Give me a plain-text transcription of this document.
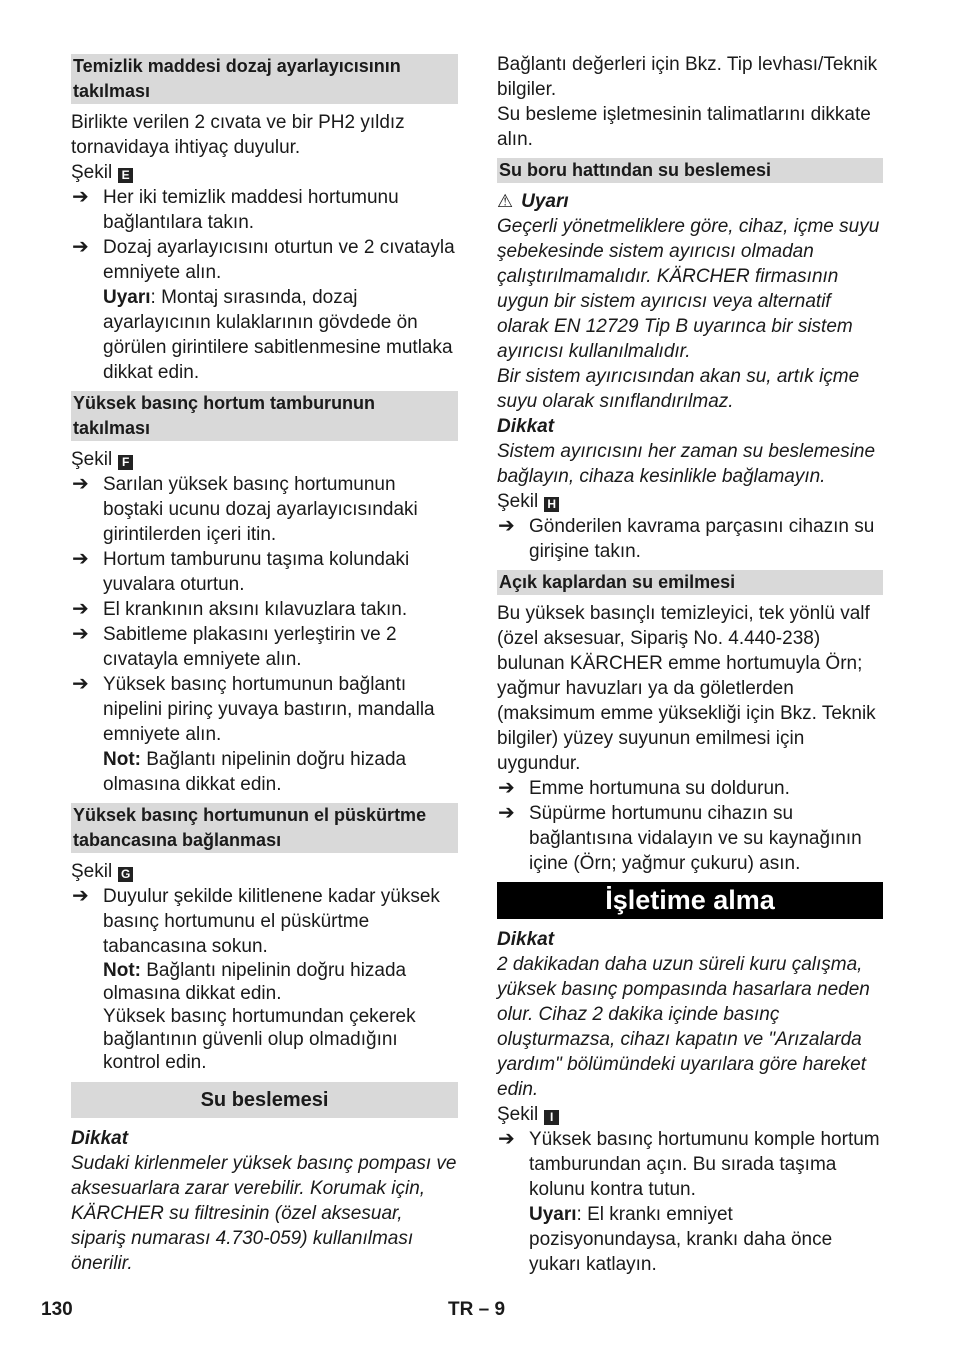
Temizlik maddesi dozaj ayarlayıcısının takılması

Birlikte verilen 2 cıvata ve bir PH2 yıldız tornavidaya ihtiyaç duyulur.

Şekil E

➔ Her iki temizlik maddesi hortumunu bağlantılara takın.
➔ Dozaj ayarlayıcısını oturtun ve 2 cıvatayla emniyete alın.
Uyarı: Montaj sırasında, dozaj ayarlayıcının kulaklarının gövdede ön görülen girintilere sabitlenmesine mutlaka dikkat edin.
Yüksek basınç hortum tamburunun takılması

Şekil F

➔ Sarılan yüksek basınç hortumunun boştaki ucunu dozaj ayarlayıcısındaki girintilerden içeri itin.
➔ Hortum tamburunu taşıma kolundaki yuvalara oturtun.
➔ El krankının aksını kılavuzlara takın.
➔ Sabitleme plakasını yerleştirin ve 2 cıvatayla emniyete alın.
➔ Yüksek basınç hortumunun bağlantı nipelini pirinç yuvaya bastırın, mandalla emniyete alın.
Not: Bağlantı nipelinin doğru hizada olmasına dikkat edin.
Yüksek basınç hortumunun el püskürtme tabancasına bağlanması

Şekil G

➔ Duyulur şekilde kilitlenene kadar yüksek basınç hortumunu el püskürtme tabancasına sokun.
Not: Bağlantı nipelinin doğru hizada olmasına dikkat edin.
Yüksek basınç hortumundan çekerek bağlantının güvenli olup olmadığını kontrol edin.
Su beslemesi

Dikkat

Sudaki kirlenmeler yüksek basınç pompası ve aksesuarlara zarar verebilir. Korumak için, KÄRCHER su filtresinin (özel aksesuar, sipariş numarası 4.730-059) kullanılması önerilir.

Bağlantı değerleri için Bkz. Tip levhası/Teknik bilgiler.

Su besleme işletmesinin talimatlarını dikkate alın.

Su boru hattından su beslemesi

⚠ Uyarı

Geçerli yönetmeliklere göre, cihaz, içme suyu şebekesinde sistem ayırıcısı olmadan çalıştırılmamalıdır. KÄRCHER firmasının uygun bir sistem ayırıcısı veya alternatif olarak EN 12729 Tip B uyarınca bir sistem ayırıcısı kullanılmalıdır.

Bir sistem ayırıcısından akan su, artık içme suyu olarak sınıflandırılmaz.

Dikkat

Sistem ayırıcısını her zaman su beslemesine bağlayın, cihaza kesinlikle bağlamayın.

Şekil H

➔ Gönderilen kavrama parçasını cihazın su girişine takın.
Açık kaplardan su emilmesi

Bu yüksek basınçlı temizleyici, tek yönlü valf (özel aksesuar, Sipariş No. 4.440-238) bulunan KÄRCHER emme hortumuyla Örn; yağmur havuzları ya da göletlerden (maksimum emme yüksekliği için Bkz. Teknik bilgiler) yüzey suyunun emilmesi için uygundur.

➔ Emme hortumuna su doldurun.
➔ Süpürme hortumunu cihazın su bağlantısına vidalayın ve su kaynağının içine (Örn; yağmur çukuru) asın.
İşletime alma

Dikkat

2 dakikadan daha uzun süreli kuru çalışma, yüksek basınç pompasında hasarlara neden olur. Cihaz 2 dakika içinde basınç oluşturmazsa, cihazı kapatın ve "Arızalarda yardım" bölümündeki uyarılara göre hareket edin.

Şekil I

➔ Yüksek basınç hortumunu komple hortum tamburundan açın. Bu sırada taşıma kolunu kontra tutun.
Uyarı: El krankı emniyet pozisyonundaysa, krankı daha önce yukarı katlayın.
130	TR – 9
